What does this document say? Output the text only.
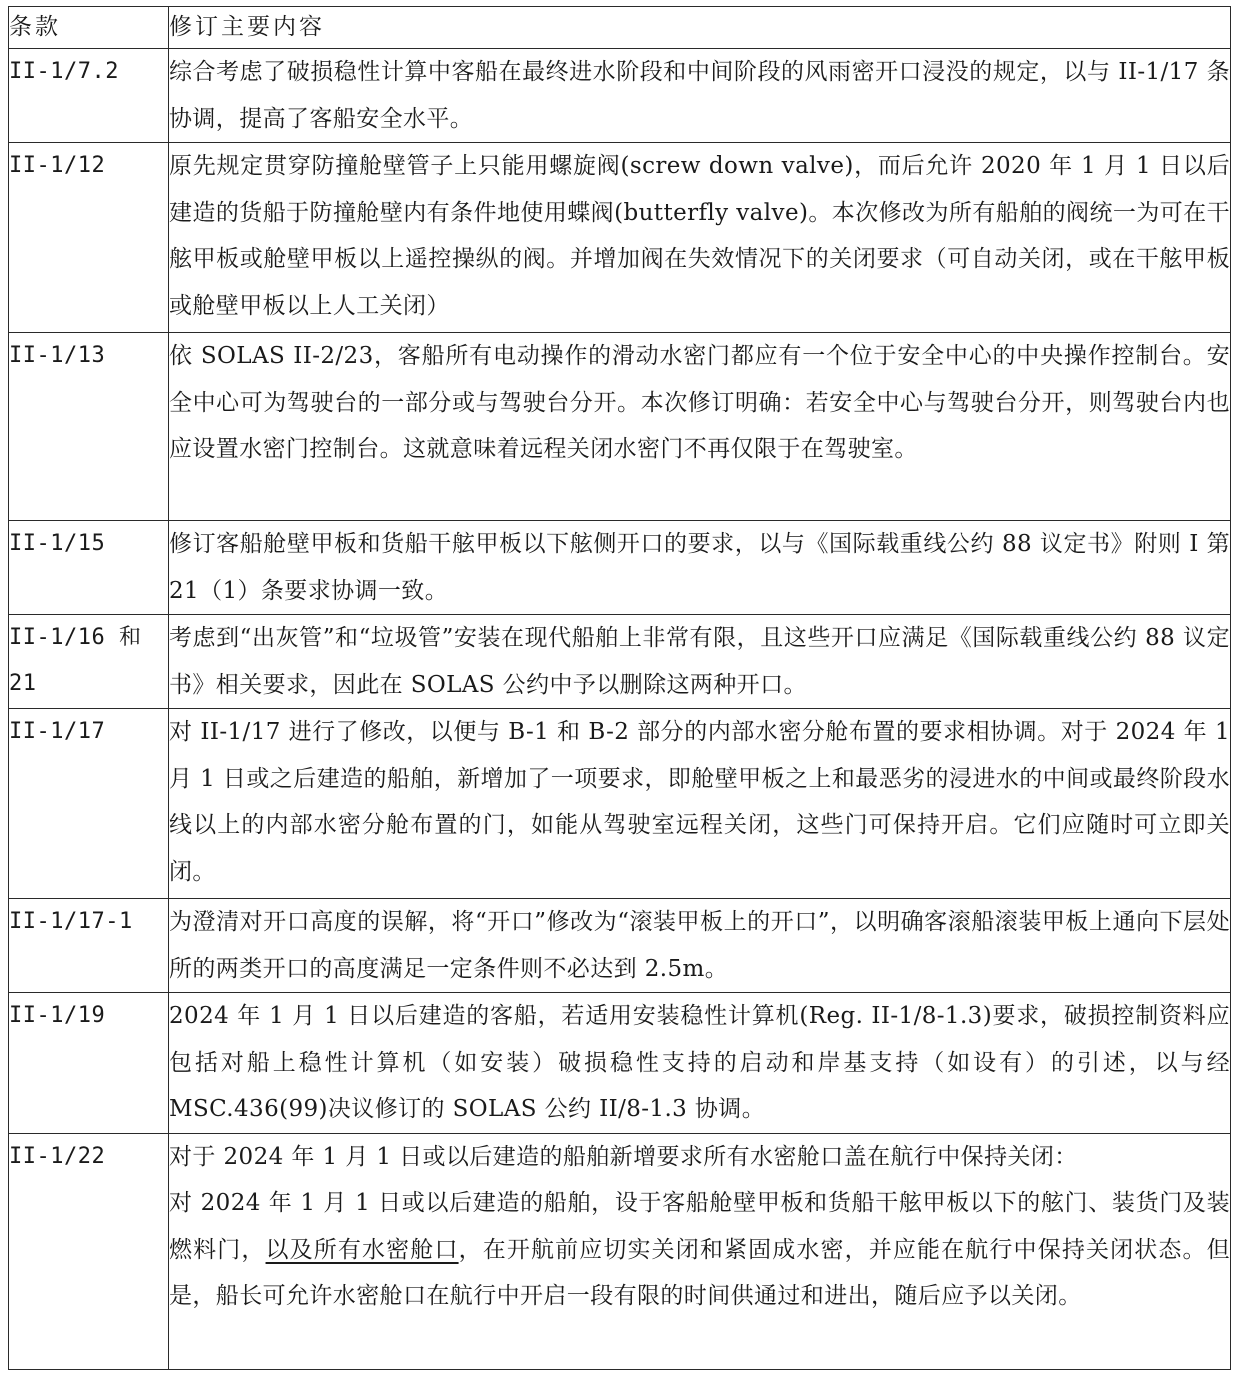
条款	修订主要内容
II-1/7.2	综合考虑了破损稳性计算中客船在最终进水阶段和中间阶段的风雨密开口浸没的规定，以与 II-1/17 条协调，提高了客船安全水平。
II-1/12	原先规定贯穿防撞舱壁管子上只能用螺旋阀(screw down valve)，而后允许 2020 年 1 月 1 日以后建造的货船于防撞舱壁内有条件地使用蝶阀(butterfly valve)。本次修改为所有船舶的阀统一为可在干舷甲板或舱壁甲板以上遥控操纵的阀。并增加阀在失效情况下的关闭要求（可自动关闭，或在干舷甲板或舱壁甲板以上人工关闭）
II-1/13	依 SOLAS II-2/23，客船所有电动操作的滑动水密门都应有一个位于安全中心的中央操作控制台。安全中心可为驾驶台的一部分或与驾驶台分开。本次修订明确：若安全中心与驾驶台分开，则驾驶台内也应设置水密门控制台。这就意味着远程关闭水密门不再仅限于在驾驶室。
II-1/15	修订客船舱壁甲板和货船干舷甲板以下舷侧开口的要求，以与《国际载重线公约 88 议定书》附则 I 第 21（1）条要求协调一致。

II-1/16 和
21	考虑到“出灰管”和“垃圾管”安装在现代船舶上非常有限，且这些开口应满足《国际载重线公约 88 议定书》相关要求，因此在 SOLAS 公约中予以删除这两种开口。
II-1/17	对 II-1/17 进行了修改，以便与 B-1 和 B-2 部分的内部水密分舱布置的要求相协调。对于 2024 年 1 月 1 日或之后建造的船舶，新增加了一项要求，即舱壁甲板之上和最恶劣的浸进水的中间或最终阶段水线以上的内部水密分舱布置的门，如能从驾驶室远程关闭，这些门可保持开启。它们应随时可立即关闭。
II-1/17-1	为澄清对开口高度的误解，将“开口”修改为“滚装甲板上的开口”，以明确客滚船滚装甲板上通向下层处所的两类开口的高度满足一定条件则不必达到 2.5m。
II-1/19	2024 年 1 月 1 日以后建造的客船，若适用安装稳性计算机(Reg. II-1/8-1.3)要求，破损控制资料应包括对船上稳性计算机（如安装）破损稳性支持的启动和岸基支持（如设有）的引述，以与经 MSC.436(99)决议修订的 SOLAS 公约 II/8-1.3 协调。
II-1/22	对于 2024 年 1 月 1 日或以后建造的船舶新增要求所有水密舱口盖在航行中保持关闭：
对 2024 年 1 月 1 日或以后建造的船舶，设于客船舱壁甲板和货船干舷甲板以下的舷门、装货门及装燃料门，以及所有水密舱口，在开航前应切实关闭和紧固成水密，并应能在航行中保持关闭状态。但是，船长可允许水密舱口在航行中开启一段有限的时间供通过和进出，随后应予以关闭。
